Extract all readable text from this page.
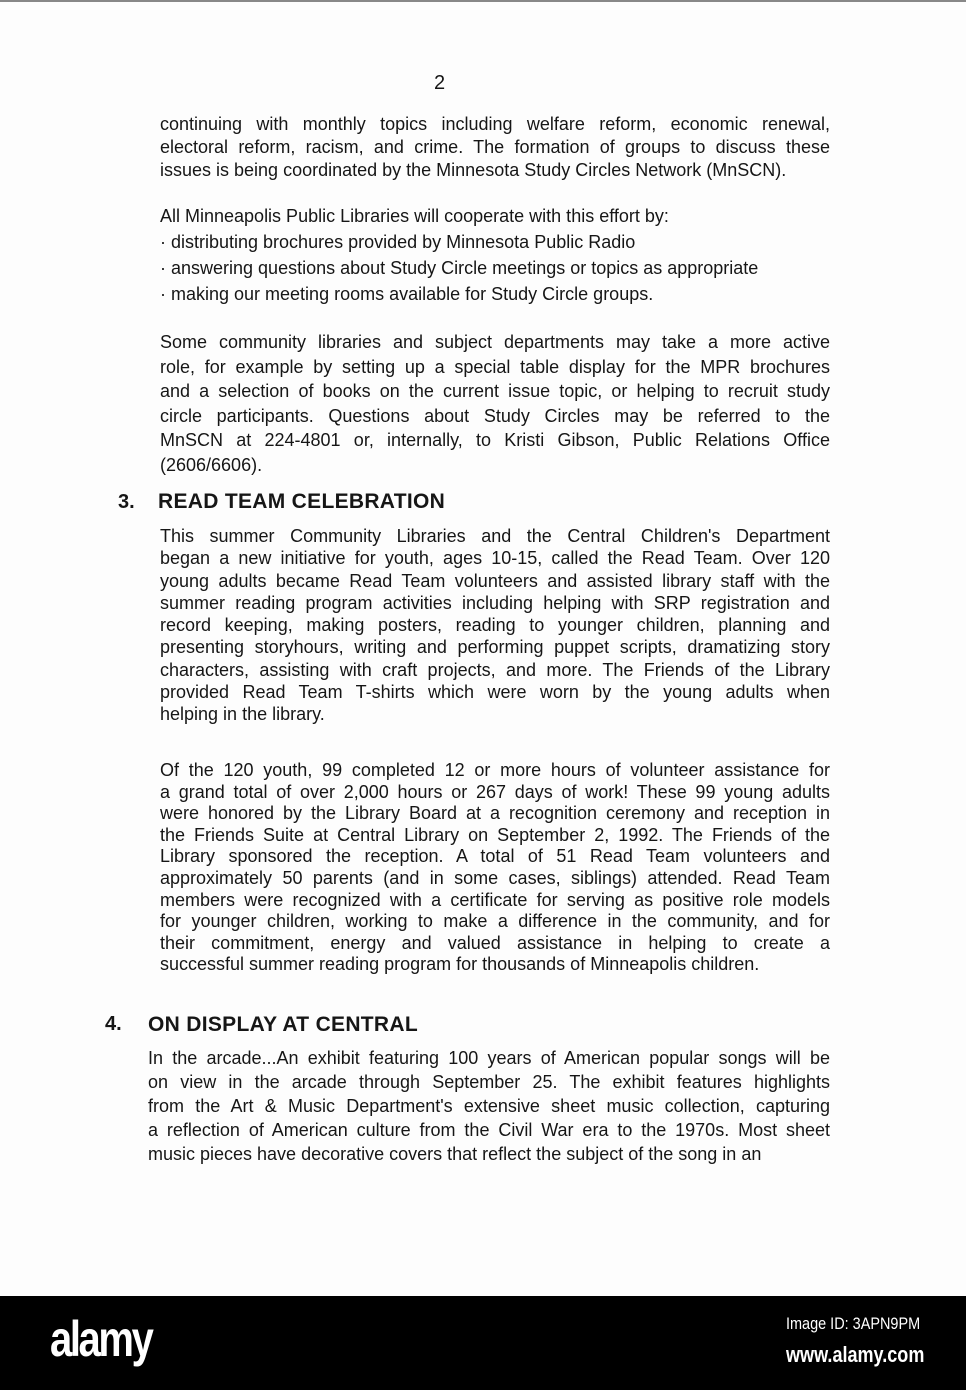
2
continuing with monthly topics including welfare reform, economic renewal,
electoral reform, racism, and crime. The formation of groups to discuss these
issues is being coordinated by the Minnesota Study Circles Network (MnSCN).
All Minneapolis Public Libraries will cooperate with this effort by:
· distributing brochures provided by Minnesota Public Radio
· answering questions about Study Circle meetings or topics as appropriate
· making our meeting rooms available for Study Circle groups.
Some community libraries and subject departments may take a more active
role, for example by setting up a special table display for the MPR brochures
and a selection of books on the current issue topic, or helping to recruit study
circle participants. Questions about Study Circles may be referred to the
MnSCN at 224-4801 or, internally, to Kristi Gibson, Public Relations Office
(2606/6606).
3. READ TEAM CELEBRATION
This summer Community Libraries and the Central Children's Department
began a new initiative for youth, ages 10-15, called the Read Team. Over 120
young adults became Read Team volunteers and assisted library staff with the
summer reading program activities including helping with SRP registration and
record keeping, making posters, reading to younger children, planning and
presenting storyhours, writing and performing puppet scripts, dramatizing story
characters, assisting with craft projects, and more. The Friends of the Library
provided Read Team T-shirts which were worn by the young adults when
helping in the library.
Of the 120 youth, 99 completed 12 or more hours of volunteer assistance for
a grand total of over 2,000 hours or 267 days of work! These 99 young adults
were honored by the Library Board at a recognition ceremony and reception in
the Friends Suite at Central Library on September 2, 1992. The Friends of the
Library sponsored the reception. A total of 51 Read Team volunteers and
approximately 50 parents (and in some cases, siblings) attended. Read Team
members were recognized with a certificate for serving as positive role models
for younger children, working to make a difference in the community, and for
their commitment, energy and valued assistance in helping to create a
successful summer reading program for thousands of Minneapolis children.
4. ON DISPLAY AT CENTRAL
In the arcade...An exhibit featuring 100 years of American popular songs will be
on view in the arcade through September 25. The exhibit features highlights
from the Art & Music Department's extensive sheet music collection, capturing
a reflection of American culture from the Civil War era to the 1970s. Most sheet
music pieces have decorative covers that reflect the subject of the song in an
alamy	Image ID: 3APN9PM
www.alamy.com
